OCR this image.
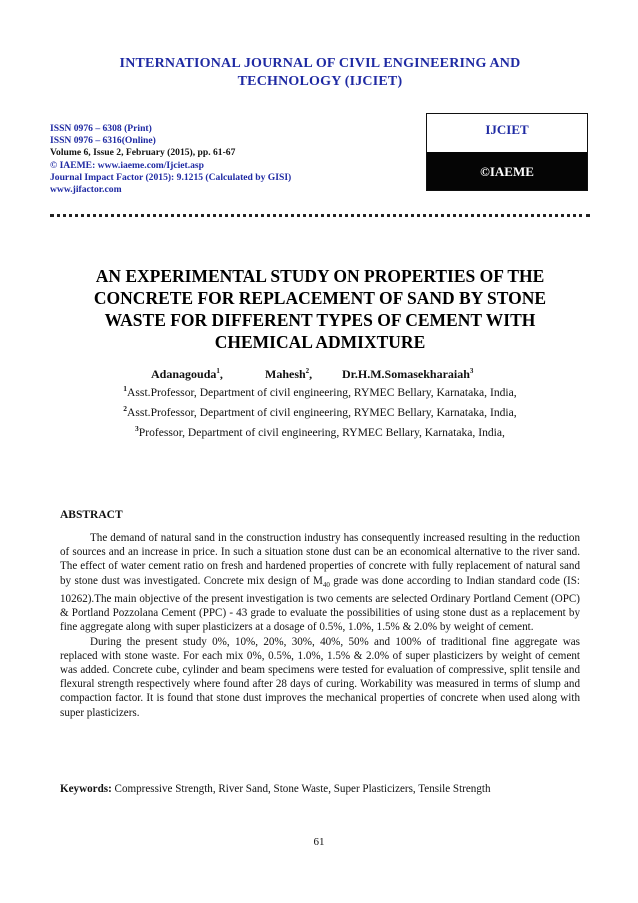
INTERNATIONAL JOURNAL OF CIVIL ENGINEERING AND
TECHNOLOGY (IJCIET)
ISSN 0976 – 6308 (Print)
ISSN 0976 – 6316(Online)
Volume 6, Issue 2, February (2015), pp. 61-67
© IAEME: www.iaeme.com/Ijciet.asp
Journal Impact Factor (2015): 9.1215 (Calculated by GISI)
www.jifactor.com
IJCIET
©IAEME
AN EXPERIMENTAL STUDY ON PROPERTIES OF THE
CONCRETE FOR REPLACEMENT OF SAND BY STONE
WASTE FOR DIFFERENT TYPES OF CEMENT WITH
CHEMICAL ADMIXTURE
Adanagouda$^1$,	Mahesh$^2$, Dr.H.M.Somasekharaiah$^3$
$^1$Asst.Professor, Department of civil engineering, RYMEC Bellary, Karnataka, India,
$^2$Asst.Professor, Department of civil engineering, RYMEC Bellary, Karnataka, India,
$^3$Professor, Department of civil engineering, RYMEC Bellary, Karnataka, India,
ABSTRACT

The demand of natural sand in the construction industry has consequently increased resulting in the reduction of sources and an increase in price. In such a situation stone dust can be an economical alternative to the river sand. The effect of water cement ratio on fresh and hardened properties of concrete with fully replacement of natural sand by stone dust was investigated. Concrete mix design of $M_{40}$ grade was done according to Indian standard code (IS: 10262).The main objective of the present investigation is two cements are selected Ordinary Portland Cement (OPC) & Portland Pozzolana Cement (PPC) - 43 grade to evaluate the possibilities of using stone dust as a replacement by fine aggregate along with super plasticizers at a dosage of 0.5%, 1.0%, 1.5% & 2.0% by weight of cement.

During the present study 0%, 10%, 20%, 30%, 40%, 50% and 100% of traditional fine aggregate was replaced with stone waste. For each mix 0%, 0.5%, 1.0%, 1.5% & 2.0% of super plasticizers by weight of cement was added. Concrete cube, cylinder and beam specimens were tested for evaluation of compressive, split tensile and flexural strength respectively where found after 28 days of curing. Workability was measured in terms of slump and compaction factor. It is found that stone dust improves the mechanical properties of concrete when used along with super plasticizers.

Keywords: Compressive Strength, River Sand, Stone Waste, Super Plasticizers, Tensile Strength
61
